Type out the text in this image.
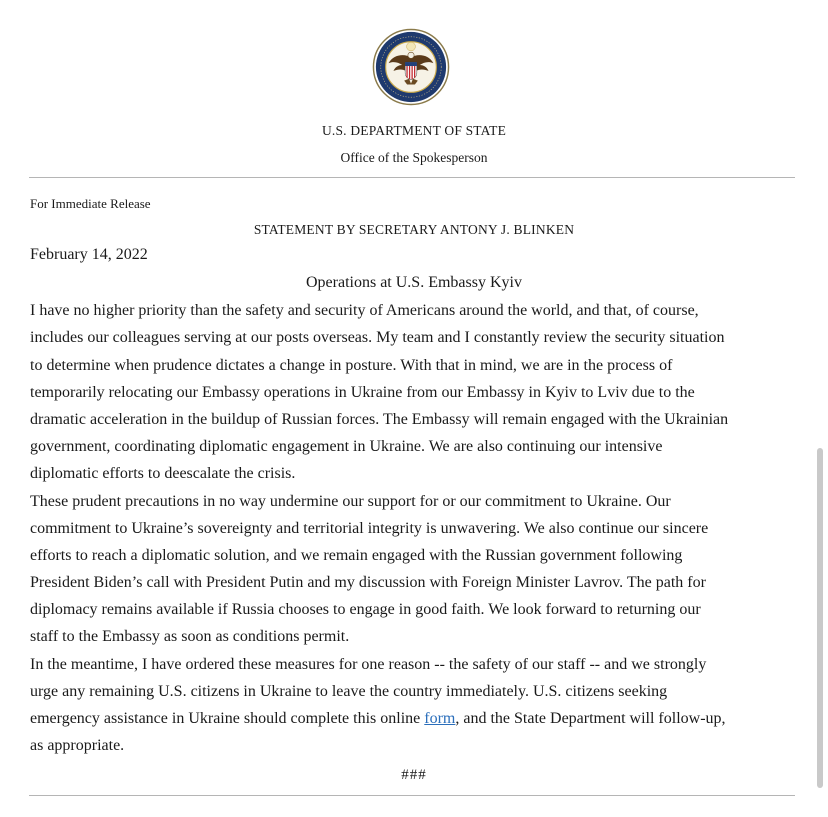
U.S. DEPARTMENT OF STATE
Office of the Spokesperson
For Immediate Release
STATEMENT BY SECRETARY ANTONY J. BLINKEN
February 14, 2022
Operations at U.S. Embassy Kyiv
I have no higher priority than the safety and security of Americans around the world, and that, of course,
includes our colleagues serving at our posts overseas. My team and I constantly review the security situation
to determine when prudence dictates a change in posture. With that in mind, we are in the process of
temporarily relocating our Embassy operations in Ukraine from our Embassy in Kyiv to Lviv due to the
dramatic acceleration in the buildup of Russian forces. The Embassy will remain engaged with the Ukrainian
government, coordinating diplomatic engagement in Ukraine. We are also continuing our intensive
diplomatic efforts to deescalate the crisis.
These prudent precautions in no way undermine our support for or our commitment to Ukraine. Our
commitment to Ukraine’s sovereignty and territorial integrity is unwavering. We also continue our sincere
efforts to reach a diplomatic solution, and we remain engaged with the Russian government following
President Biden’s call with President Putin and my discussion with Foreign Minister Lavrov. The path for
diplomacy remains available if Russia chooses to engage in good faith. We look forward to returning our
staff to the Embassy as soon as conditions permit.
In the meantime, I have ordered these measures for one reason -- the safety of our staff -- and we strongly
urge any remaining U.S. citizens in Ukraine to leave the country immediately. U.S. citizens seeking
emergency assistance in Ukraine should complete this online form, and the State Department will follow-up,
as appropriate.
###
